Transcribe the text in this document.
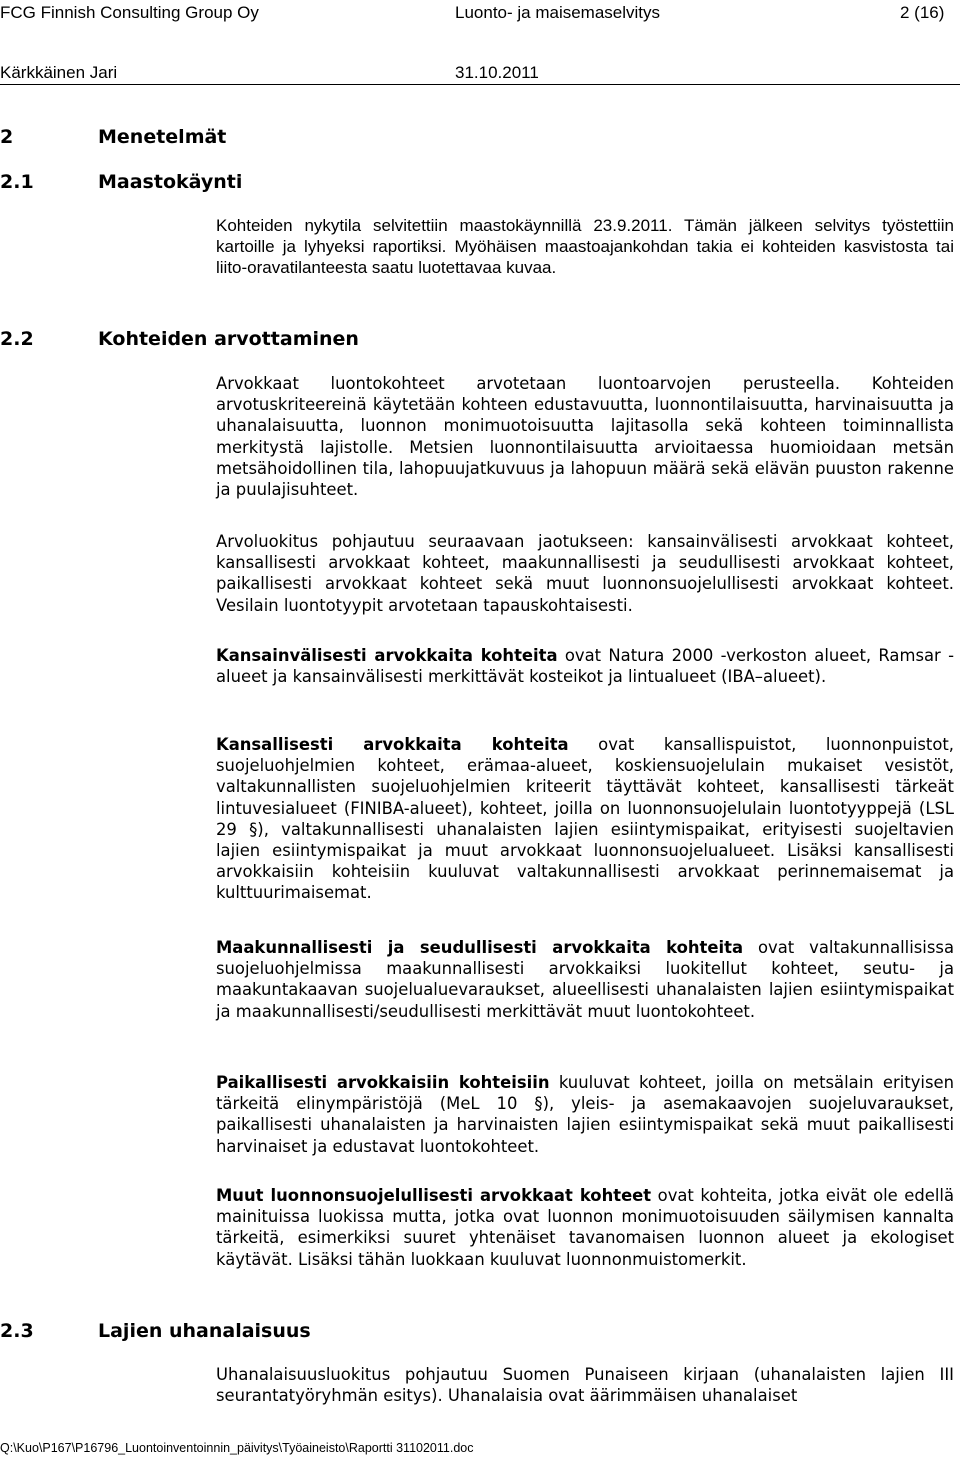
FCG Finnish Consulting Group Oy	Luonto- ja maisemaselvitys	2 (16)
Kärkkäinen Jari	31.10.2011
2	Menetelmät
2.1	Maastokäynti
2.2	Kohteiden arvottaminen
2.3	Lajien uhanalaisuus

Kohteiden nykytila selvitettiin maastokäynnillä 23.9.2011. Tämän jälkeen selvitys työstettiin kartoille ja lyhyeksi raportiksi. Myöhäisen maastoajankohdan takia ei kohteiden kasvistosta tai liito-oravatilanteesta saatu luotettavaa kuvaa.

Arvokkaat luontokohteet arvotetaan luontoarvojen perusteella. Kohteiden arvotuskriteereinä käytetään kohteen edustavuutta, luonnontilaisuutta, harvinaisuutta ja uhanalaisuutta, luonnon monimuotoisuutta lajitasolla sekä kohteen toiminnallista merkitystä lajistolle. Metsien luonnontilaisuutta arvioitaessa huomioidaan metsän metsähoidollinen tila, lahopuujatkuvuus ja lahopuun määrä sekä elävän puuston rakenne ja puulajisuhteet.

Arvoluokitus pohjautuu seuraavaan jaotukseen: kansainvälisesti arvokkaat kohteet, kansallisesti arvokkaat kohteet, maakunnallisesti ja seudullisesti arvokkaat kohteet, paikallisesti arvokkaat kohteet sekä muut luonnonsuojelullisesti arvokkaat kohteet. Vesilain luontotyypit arvotetaan tapauskohtaisesti.

Kansainvälisesti arvokkaita kohteita ovat Natura 2000 -verkoston alueet, Ramsar -alueet ja kansainvälisesti merkittävät kosteikot ja lintualueet (IBA–alueet).

Kansallisesti arvokkaita kohteita ovat kansallispuistot, luonnonpuistot, suojeluohjelmien kohteet, erämaa-alueet, koskiensuojelulain mukaiset vesistöt, valtakunnallisten suojeluohjelmien kriteerit täyttävät kohteet, kansallisesti tärkeät lintuvesialueet (FINIBA-alueet), kohteet, joilla on luonnonsuojelulain luontotyyppejä (LSL 29 §), valtakunnallisesti uhanalaisten lajien esiintymispaikat, erityisesti suojeltavien lajien esiintymispaikat ja muut arvokkaat luonnonsuojelualueet. Lisäksi kansallisesti arvokkaisiin kohteisiin kuuluvat valtakunnallisesti arvokkaat perinnemaisemat ja kulttuurimaisemat.

Maakunnallisesti ja seudullisesti arvokkaita kohteita ovat valtakunnallisissa suojeluohjelmissa maakunnallisesti arvokkaiksi luokitellut kohteet, seutu- ja maakuntakaavan suojelualuevaraukset, alueellisesti uhanalaisten lajien esiintymispaikat ja maakunnallisesti/seudullisesti merkittävät muut luontokohteet.

Paikallisesti arvokkaisiin kohteisiin kuuluvat kohteet, joilla on metsälain erityisen tärkeitä elinympäristöjä (MeL 10 §), yleis- ja asemakaavojen suojeluvaraukset, paikallisesti uhanalaisten ja harvinaisten lajien esiintymispaikat sekä muut paikallisesti harvinaiset ja edustavat luontokohteet.

Muut luonnonsuojelullisesti arvokkaat kohteet ovat kohteita, jotka eivät ole edellä mainituissa luokissa mutta, jotka ovat luonnon monimuotoisuuden säilymisen kannalta tärkeitä, esimerkiksi suuret yhtenäiset tavanomaisen luonnon alueet ja ekologiset käytävät. Lisäksi tähän luokkaan kuuluvat luonnonmuistomerkit.

Uhanalaisuusluokitus pohjautuu Suomen Punaiseen kirjaan (uhanalaisten lajien III seurantatyöryhmän esitys). Uhanalaisia ovat äärimmäisen uhanalaiset

Q:\Kuo\P167\P16796_Luontoinventoinnin_päivitys\Työaineisto\Raportti 31102011.doc
